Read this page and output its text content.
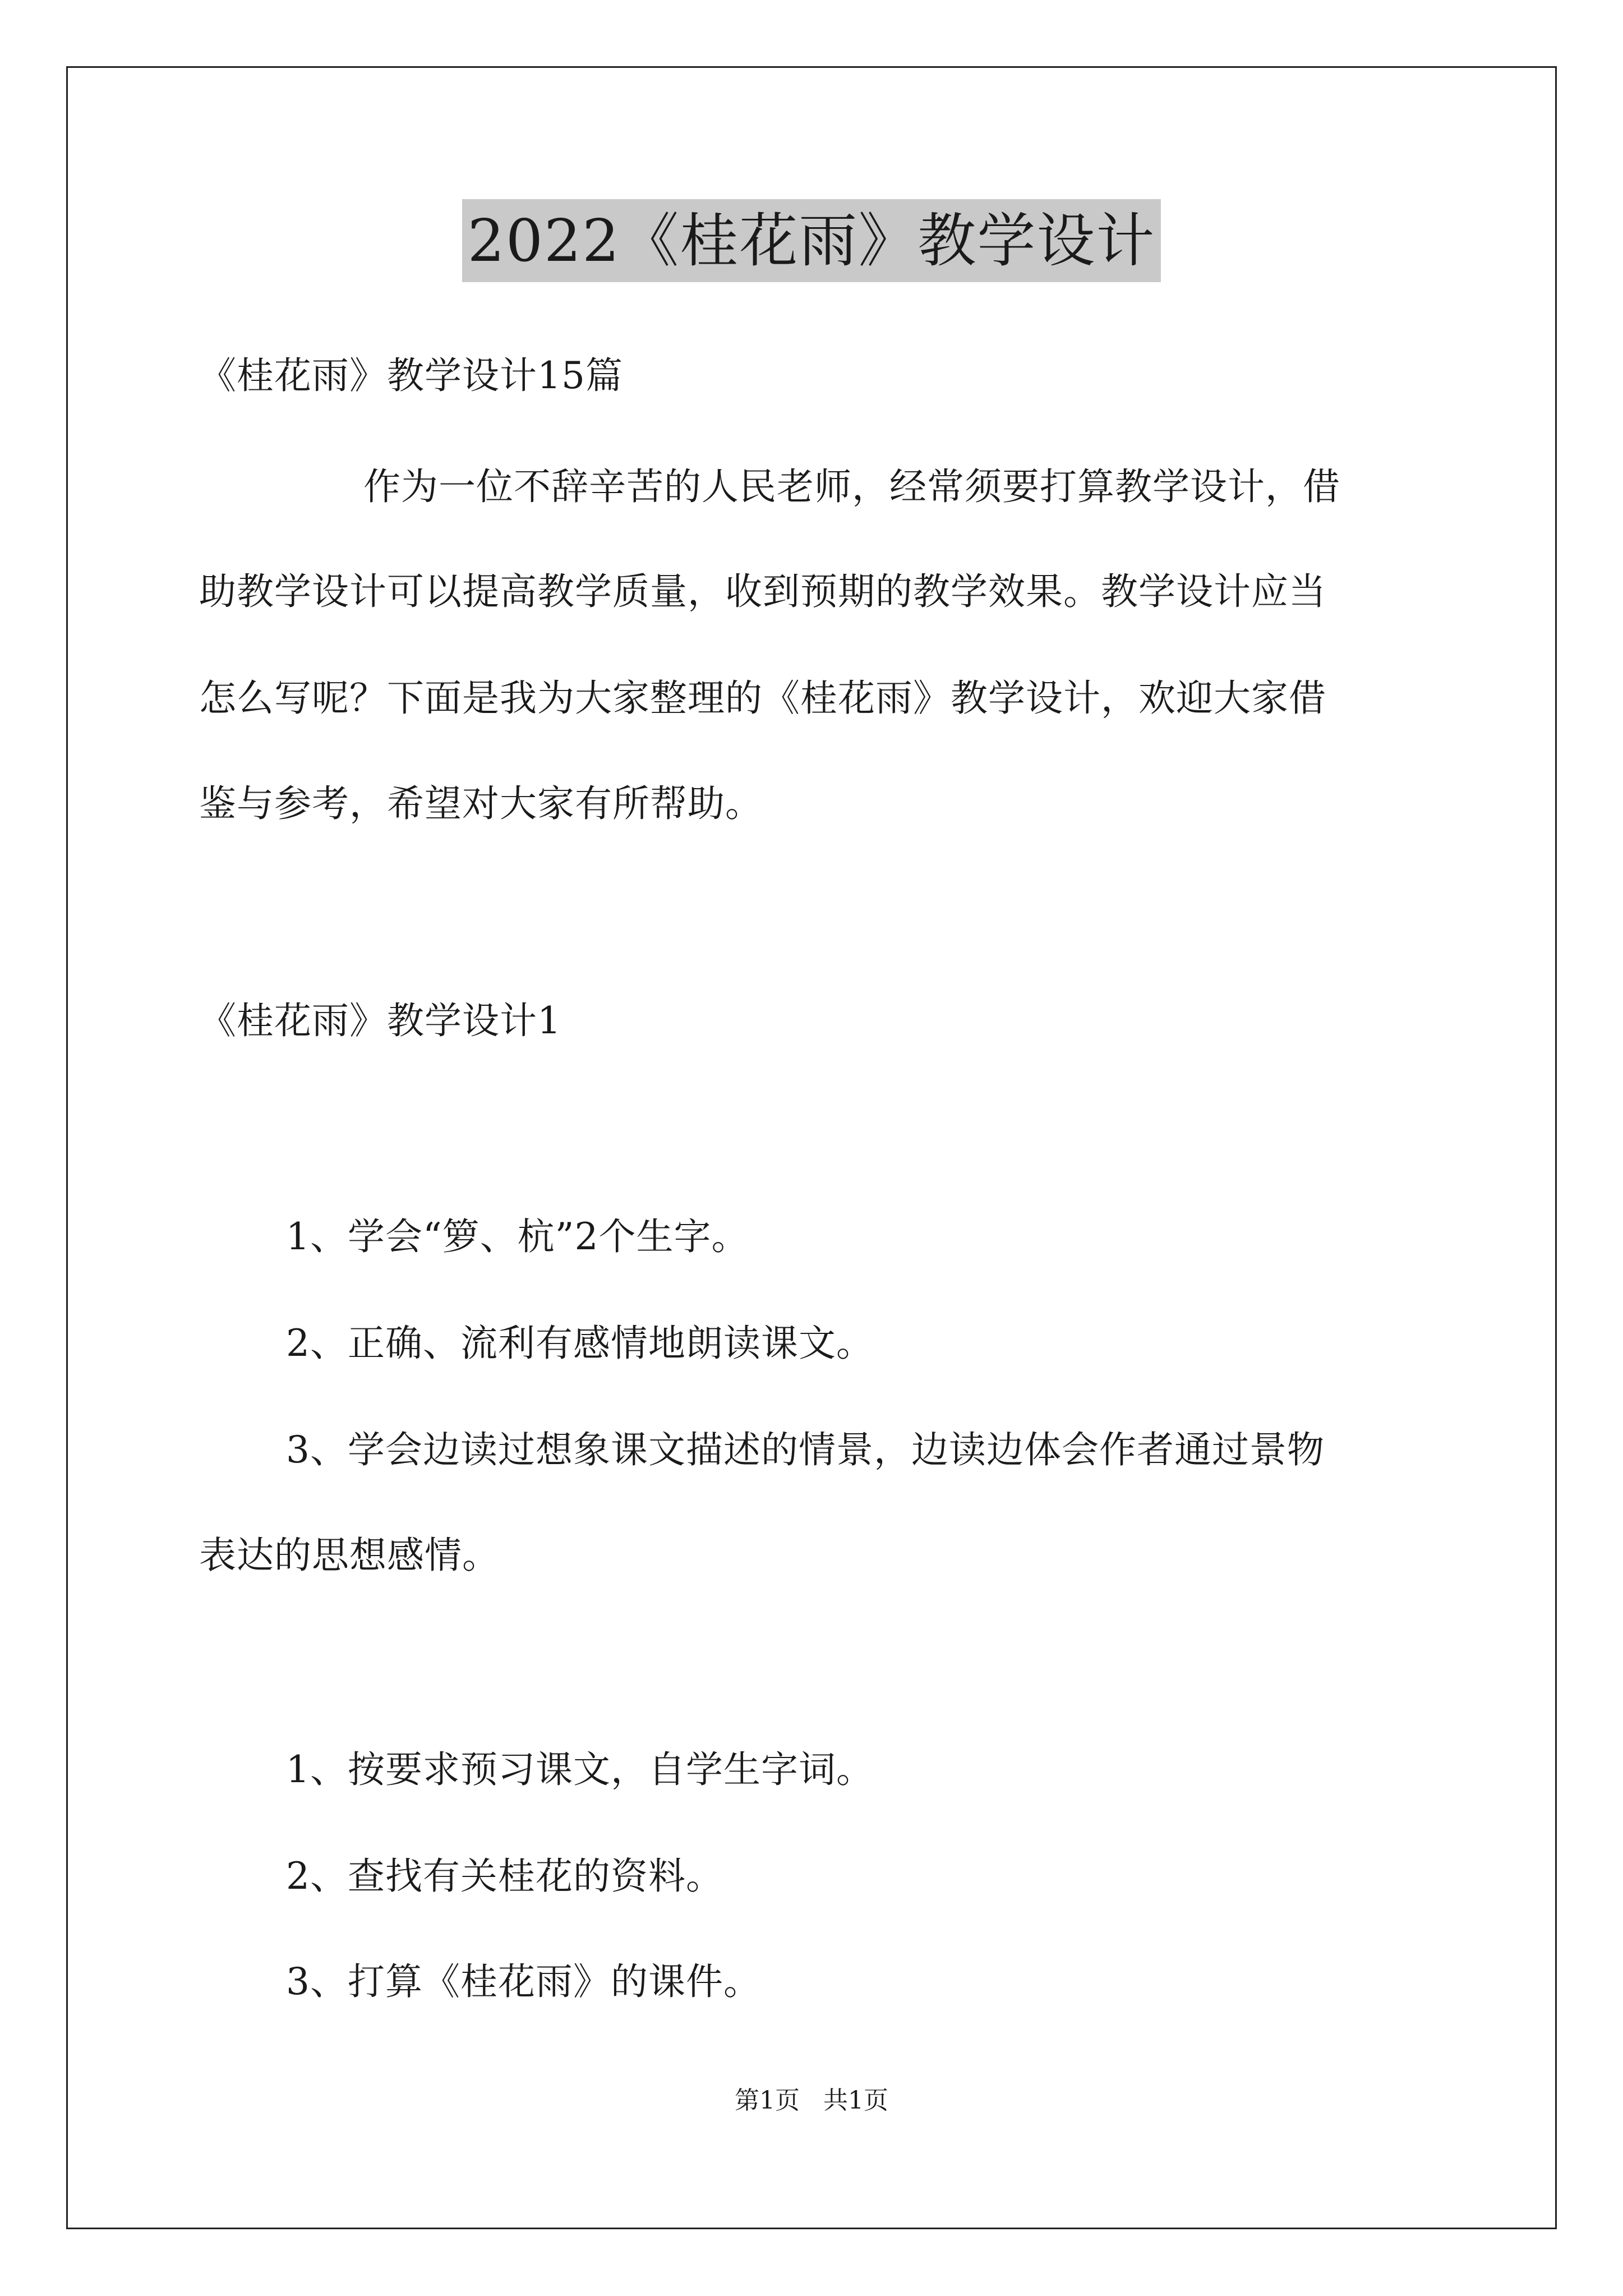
2022《桂花雨》教学设计
《桂花雨》教学设计15篇
作为一位不辞辛苦的人民老师，经常须要打算教学设计，借
助教学设计可以提高教学质量，收到预期的教学效果。教学设计应当
怎么写呢？下面是我为大家整理的《桂花雨》教学设计，欢迎大家借
鉴与参考，希望对大家有所帮助。
《桂花雨》教学设计1
1、学会“箩、杭”2个生字。
2、正确、流利有感情地朗读课文。
3、学会边读过想象课文描述的情景，边读边体会作者通过景物
表达的思想感情。
1、按要求预习课文，自学生字词。
2、查找有关桂花的资料。
3、打算《桂花雨》的课件。
第1页 共1页
